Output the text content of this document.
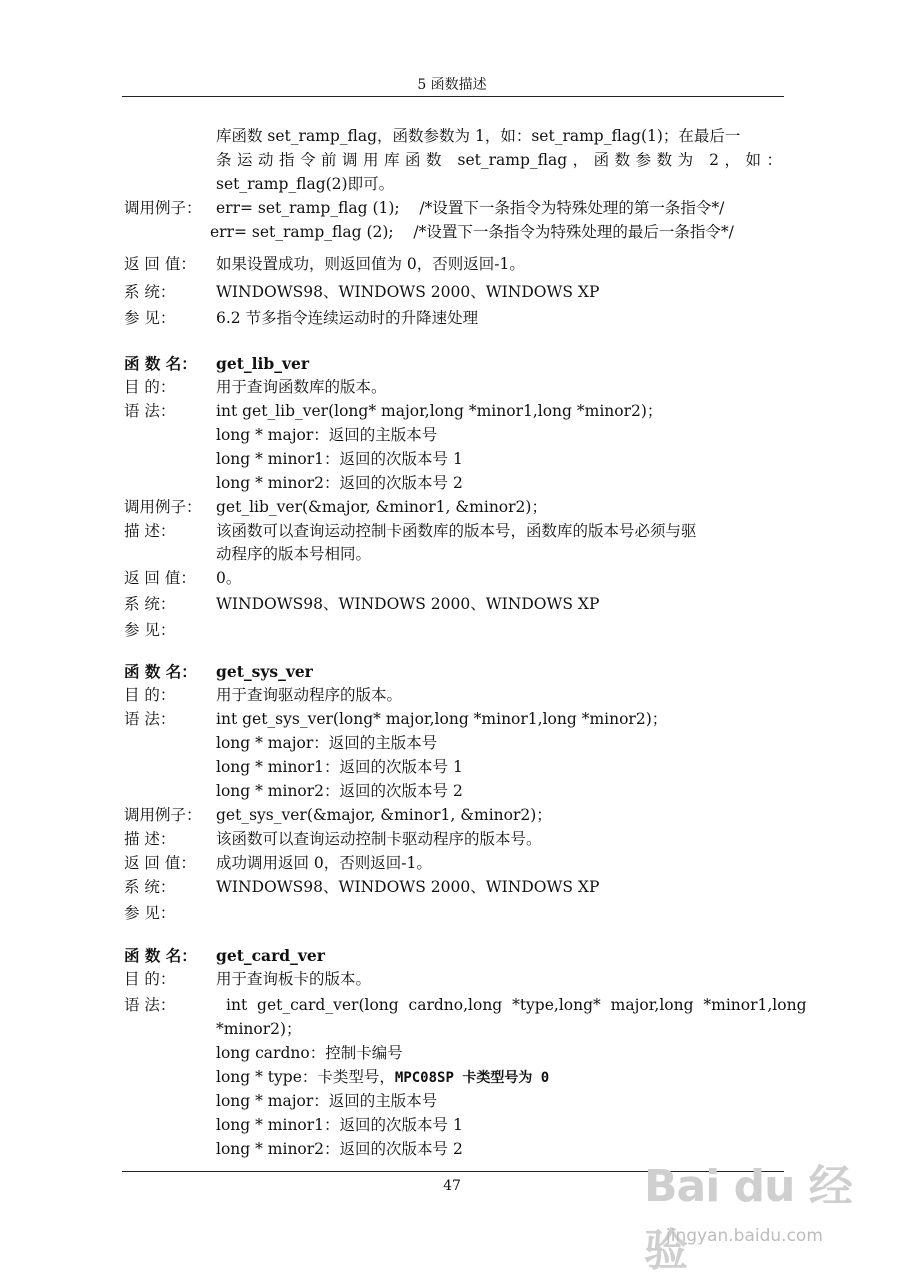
5 函数描述
库函数 set_ramp_flag，函数参数为 1，如：set_ramp_flag(1)；在最后一
条运动指令前调用库函数 set_ramp_flag，函数参数为 2，如：
set_ramp_flag(2)即可。
调用例子： err= set_ramp_flag (1);    /*设置下一条指令为特殊处理的第一条指令*/
err= set_ramp_flag (2);    /*设置下一条指令为特殊处理的最后一条指令*/
返 回 值： 如果设置成功，则返回值为 0，否则返回-1。
系 统：	WINDOWS98、WINDOWS 2000、WINDOWS XP
参 见：	6.2 节多指令连续运动时的升降速处理
函 数 名： get_lib_ver
目 的：	用于查询函数库的版本。
语 法：	int get_lib_ver(long* major,long *minor1,long *minor2)；
long * major：返回的主版本号
long * minor1：返回的次版本号 1
long * minor2：返回的次版本号 2
调用例子： get_lib_ver(&major, &minor1, &minor2)；
描 述：	该函数可以查询运动控制卡函数库的版本号，函数库的版本号必须与驱
动程序的版本号相同。
返 回 值： 0。
系 统：	WINDOWS98、WINDOWS 2000、WINDOWS XP
参 见：
函 数 名： get_sys_ver
目 的：	用于查询驱动程序的版本。
语 法：	int get_sys_ver(long* major,long *minor1,long *minor2)；
long * major：返回的主版本号
long * minor1：返回的次版本号 1
long * minor2：返回的次版本号 2
调用例子： get_sys_ver(&major, &minor1, &minor2)；
描 述：	该函数可以查询运动控制卡驱动程序的版本号。
返 回 值： 成功调用返回 0，否则返回-1。
系 统：	WINDOWS98、WINDOWS 2000、WINDOWS XP
参 见：
函 数 名： get_card_ver
目 的：	用于查询板卡的版本。
语 法：	int  get_card_ver(long  cardno,long  *type,long*  major,long  *minor1,long
*minor2)；
long cardno：控制卡编号
long * type：卡类型号，MPC08SP 卡类型号为 0
long * major：返回的主版本号
long * minor1：返回的次版本号 1
long * minor2：返回的次版本号 2
47	Bai du 经验
jingyan.baidu.com
